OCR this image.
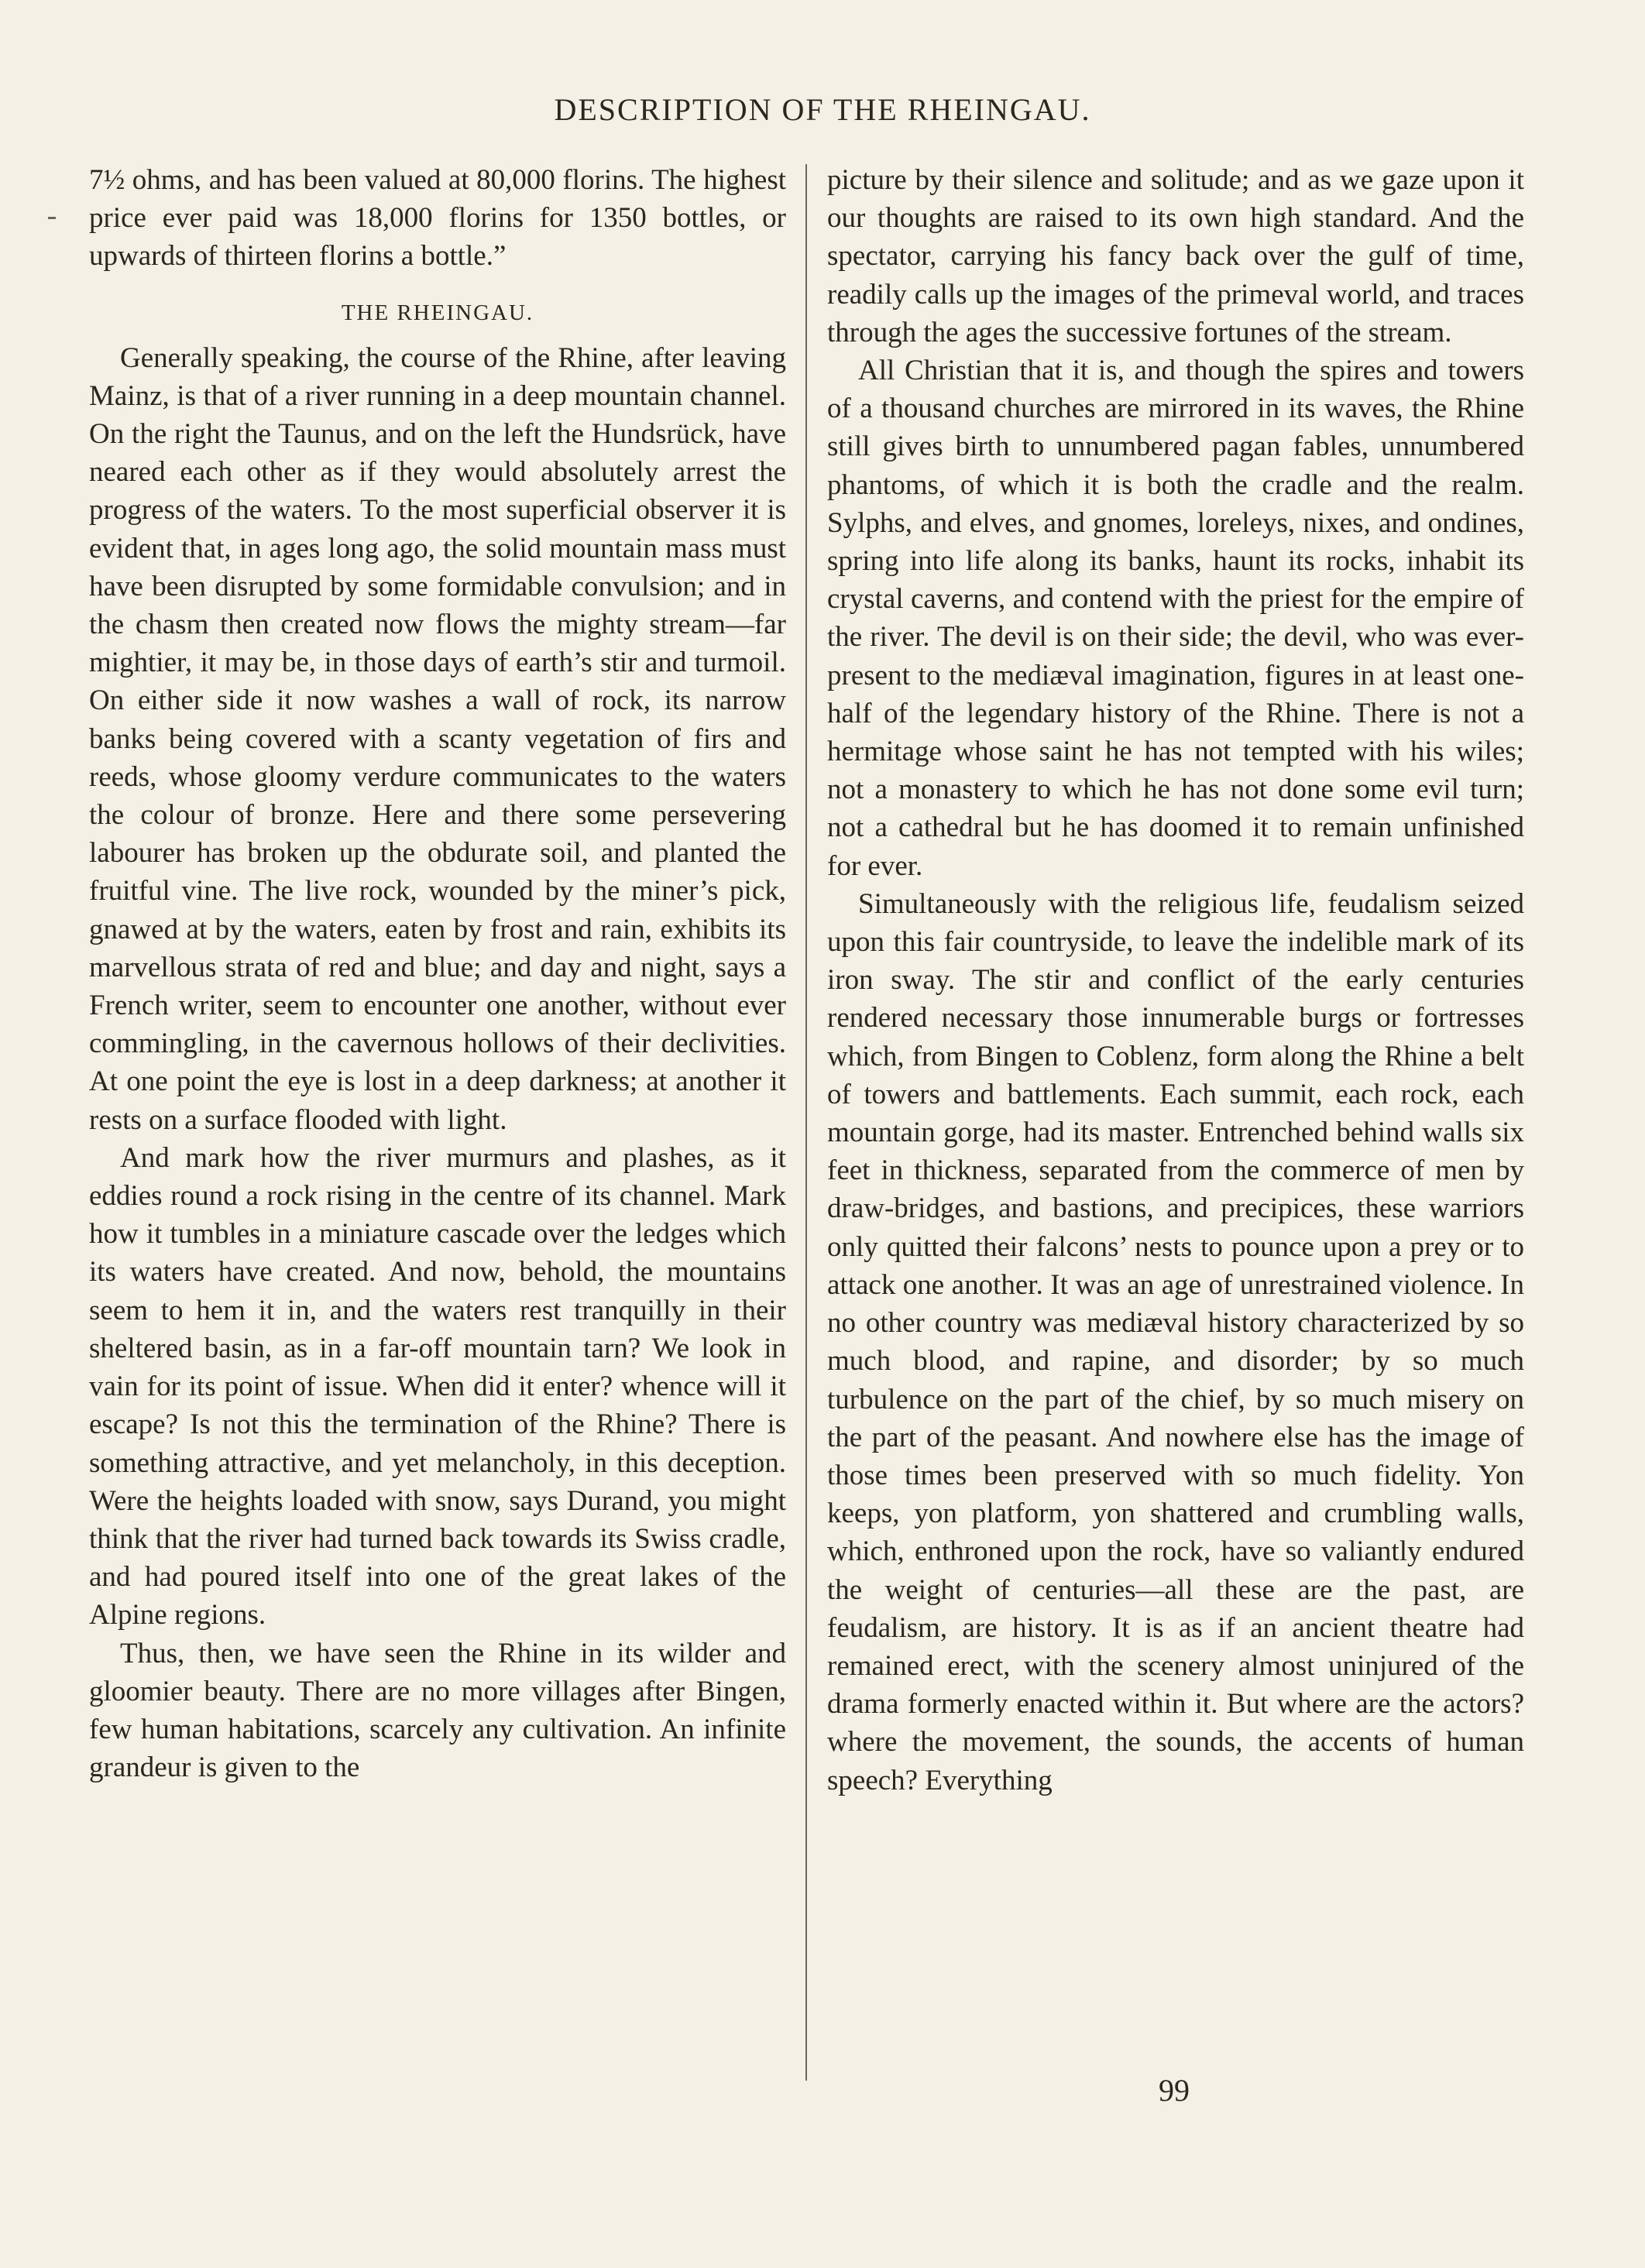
DESCRIPTION OF THE RHEINGAU.

7½ ohms, and has been valued at 80,000 florins. The highest price ever paid was 18,000 florins for 1350 bottles, or upwards of thirteen florins a bottle.”

THE RHEINGAU.

Generally speaking, the course of the Rhine, after leaving Mainz, is that of a river running in a deep mountain channel. On the right the Taunus, and on the left the Hundsrück, have neared each other as if they would absolutely arrest the progress of the waters. To the most superficial observer it is evident that, in ages long ago, the solid mountain mass must have been disrupted by some formidable convulsion; and in the chasm then created now flows the mighty stream—far mightier, it may be, in those days of earth’s stir and turmoil. On either side it now washes a wall of rock, its narrow banks being covered with a scanty vegetation of firs and reeds, whose gloomy verdure communicates to the waters the colour of bronze. Here and there some persevering labourer has broken up the obdurate soil, and planted the fruitful vine. The live rock, wounded by the miner’s pick, gnawed at by the waters, eaten by frost and rain, exhibits its marvellous strata of red and blue; and day and night, says a French writer, seem to encounter one another, without ever commingling, in the cavernous hollows of their declivities. At one point the eye is lost in a deep darkness; at another it rests on a surface flooded with light.

And mark how the river murmurs and plashes, as it eddies round a rock rising in the centre of its channel. Mark how it tumbles in a miniature cascade over the ledges which its waters have created. And now, behold, the mountains seem to hem it in, and the waters rest tranquilly in their sheltered basin, as in a far-off mountain tarn? We look in vain for its point of issue. When did it enter? whence will it escape? Is not this the termination of the Rhine? There is something attractive, and yet melancholy, in this deception. Were the heights loaded with snow, says Durand, you might think that the river had turned back towards its Swiss cradle, and had poured itself into one of the great lakes of the Alpine regions.

Thus, then, we have seen the Rhine in its wilder and gloomier beauty. There are no more villages after Bingen, few human habitations, scarcely any cultivation. An infinite grandeur is given to the

picture by their silence and solitude; and as we gaze upon it our thoughts are raised to its own high standard. And the spectator, carrying his fancy back over the gulf of time, readily calls up the images of the primeval world, and traces through the ages the successive fortunes of the stream.

All Christian that it is, and though the spires and towers of a thousand churches are mirrored in its waves, the Rhine still gives birth to unnumbered pagan fables, unnumbered phantoms, of which it is both the cradle and the realm. Sylphs, and elves, and gnomes, loreleys, nixes, and ondines, spring into life along its banks, haunt its rocks, inhabit its crystal caverns, and contend with the priest for the empire of the river. The devil is on their side; the devil, who was ever-present to the mediæval imagination, figures in at least one-half of the legendary history of the Rhine. There is not a hermitage whose saint he has not tempted with his wiles; not a monastery to which he has not done some evil turn; not a cathedral but he has doomed it to remain unfinished for ever.

Simultaneously with the religious life, feudalism seized upon this fair countryside, to leave the indelible mark of its iron sway. The stir and conflict of the early centuries rendered necessary those innumerable burgs or fortresses which, from Bingen to Coblenz, form along the Rhine a belt of towers and battlements. Each summit, each rock, each mountain gorge, had its master. Entrenched behind walls six feet in thickness, separated from the commerce of men by draw-bridges, and bastions, and precipices, these warriors only quitted their falcons’ nests to pounce upon a prey or to attack one another. It was an age of unrestrained violence. In no other country was mediæval history characterized by so much blood, and rapine, and disorder; by so much turbulence on the part of the chief, by so much misery on the part of the peasant. And nowhere else has the image of those times been preserved with so much fidelity. Yon keeps, yon platform, yon shattered and crumbling walls, which, enthroned upon the rock, have so valiantly endured the weight of centuries—all these are the past, are feudalism, are history. It is as if an ancient theatre had remained erect, with the scenery almost uninjured of the drama formerly enacted within it. But where are the actors? where the movement, the sounds, the accents of human speech? Everything

99
